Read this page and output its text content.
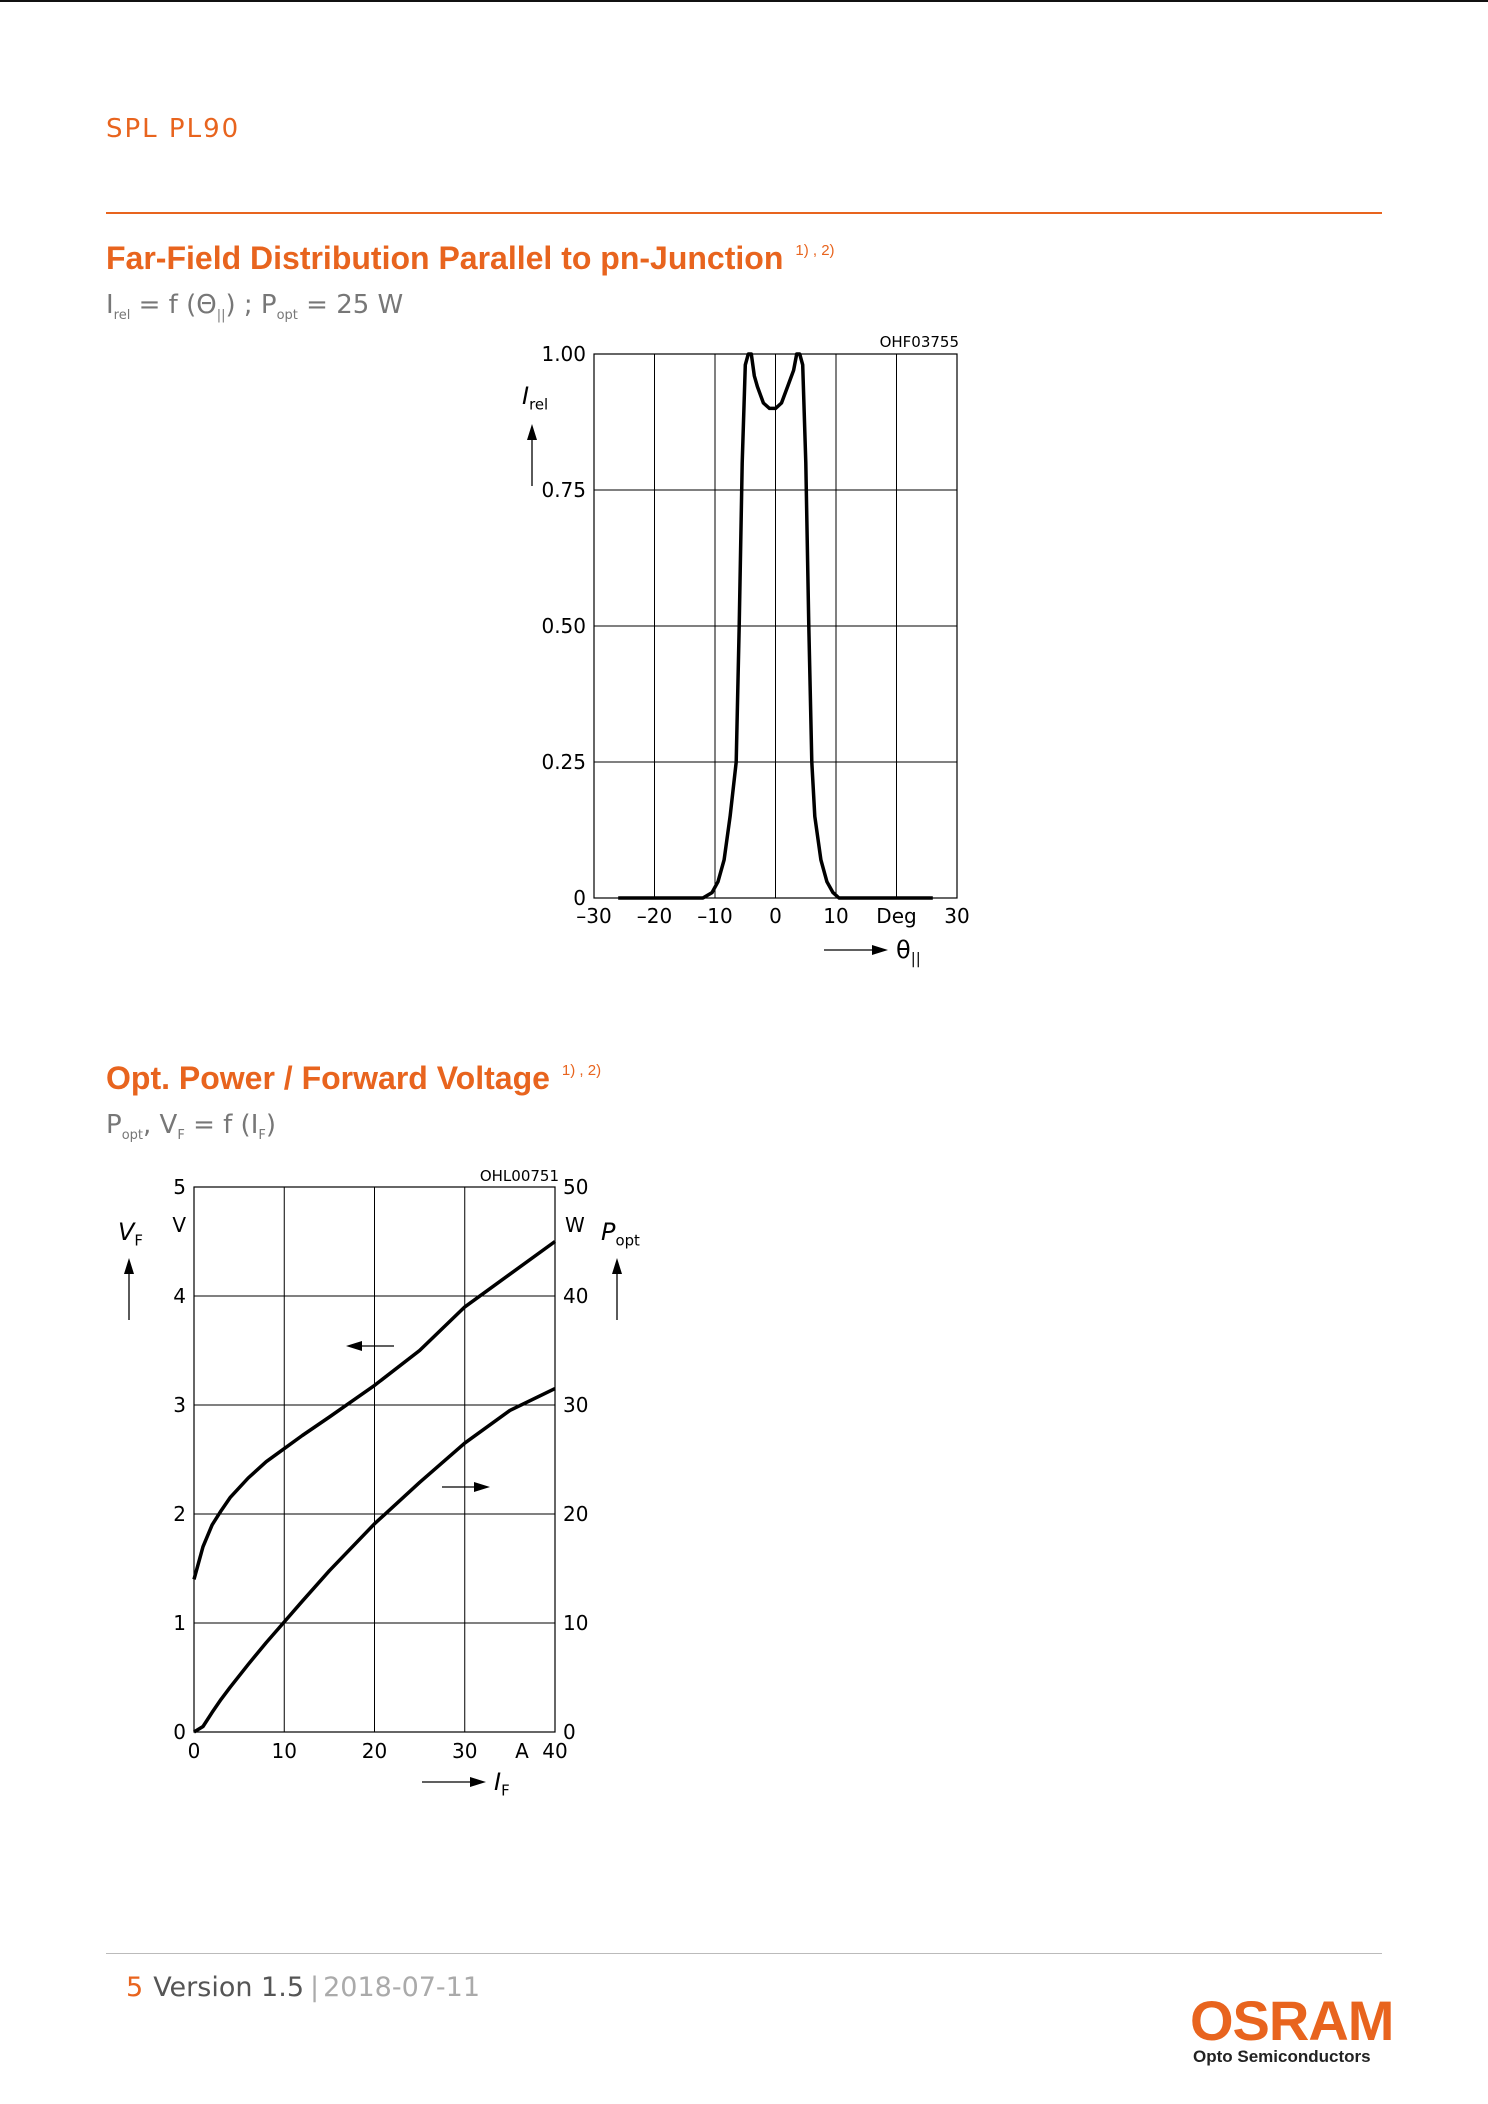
SPL PL90
Far-Field Distribution Parallel to pn-Junction $^{1) , 2)}$
$I_{rel} = f$ $(\Theta_{||})$ ; $P_{opt} = 25$ W
0
0.25
0.50
0.75
1.00
–30 –20 –10 0 10	30
Deg
OHF03755
$I_{rel}$
$\theta_{||}$
Opt. Power / Forward Voltage $^{1) , 2)}$
$P_{opt}$, $V_F = f$ $(I_F)$
0
1
2
3
4
5
V
0
10
20
30
40
50
W
0	10	20	30	40
A
OHL00751
$V_F$	$P_{opt}$
$I_F$
5 Version 1.5 | 2018-07-11
OSRAM
Opto Semiconductors
